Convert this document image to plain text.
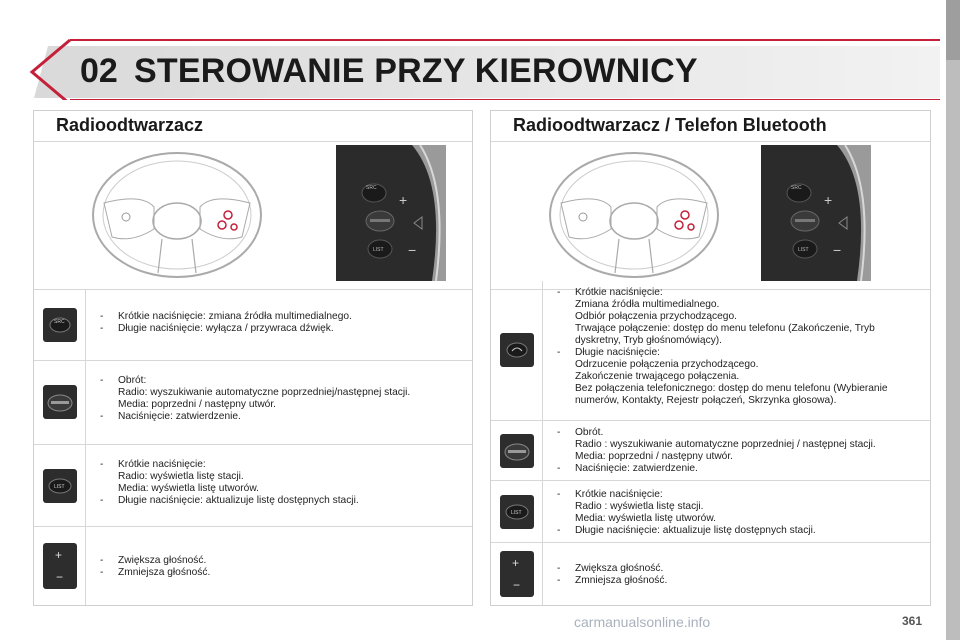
02 STEROWANIE PRZY KIEROWNICY
Radioodtwarzacz
SRC
+
LIST −
SRC	-	Krótkie naciśnięcie: zmiana źródła multimedialnego.
-	Długie naciśnięcie: wyłącza / przywraca dźwięk.
-	Obrót:
Radio: wyszukiwanie automatyczne poprzedniej/następnej stacji.
Media: poprzedni / następny utwór.
-	Naciśnięcie: zatwierdzenie.
LIST
-	Krótkie naciśnięcie:
Radio: wyświetla listę stacji.
Media: wyświetla listę utworów.
-	Długie naciśnięcie: aktualizuje listę dostępnych stacji.
+
−
-	Zwiększa głośność.
-	Zmniejsza głośność.
Radioodtwarzacz / Telefon Bluetooth
SRC
+
LIST −
-	Krótkie naciśnięcie:
Zmiana źródła multimedialnego.
Odbiór połączenia przychodzącego.
Trwające połączenie: dostęp do menu telefonu (Zakończenie, Tryb dyskretny, Tryb głośnomówiący).
-	Długie naciśnięcie:
Odrzucenie połączenia przychodzącego.
Zakończenie trwającego połączenia.
Bez połączenia telefonicznego: dostęp do menu telefonu (Wybieranie numerów, Kontakty, Rejestr połączeń, Skrzynka głosowa).
-	Obrót.
Radio : wyszukiwanie automatyczne poprzedniej / następnej stacji.
Media: poprzedni / następny utwór.
-	Naciśnięcie: zatwierdzenie.
LIST
-	Krótkie naciśnięcie:
Radio : wyświetla listę stacji.
Media: wyświetla listę utworów.
-	Długie naciśnięcie: aktualizuje listę dostępnych stacji.
+
−
-	Zwiększa głośność.
-	Zmniejsza głośność.
carmanualsonline.info	361
